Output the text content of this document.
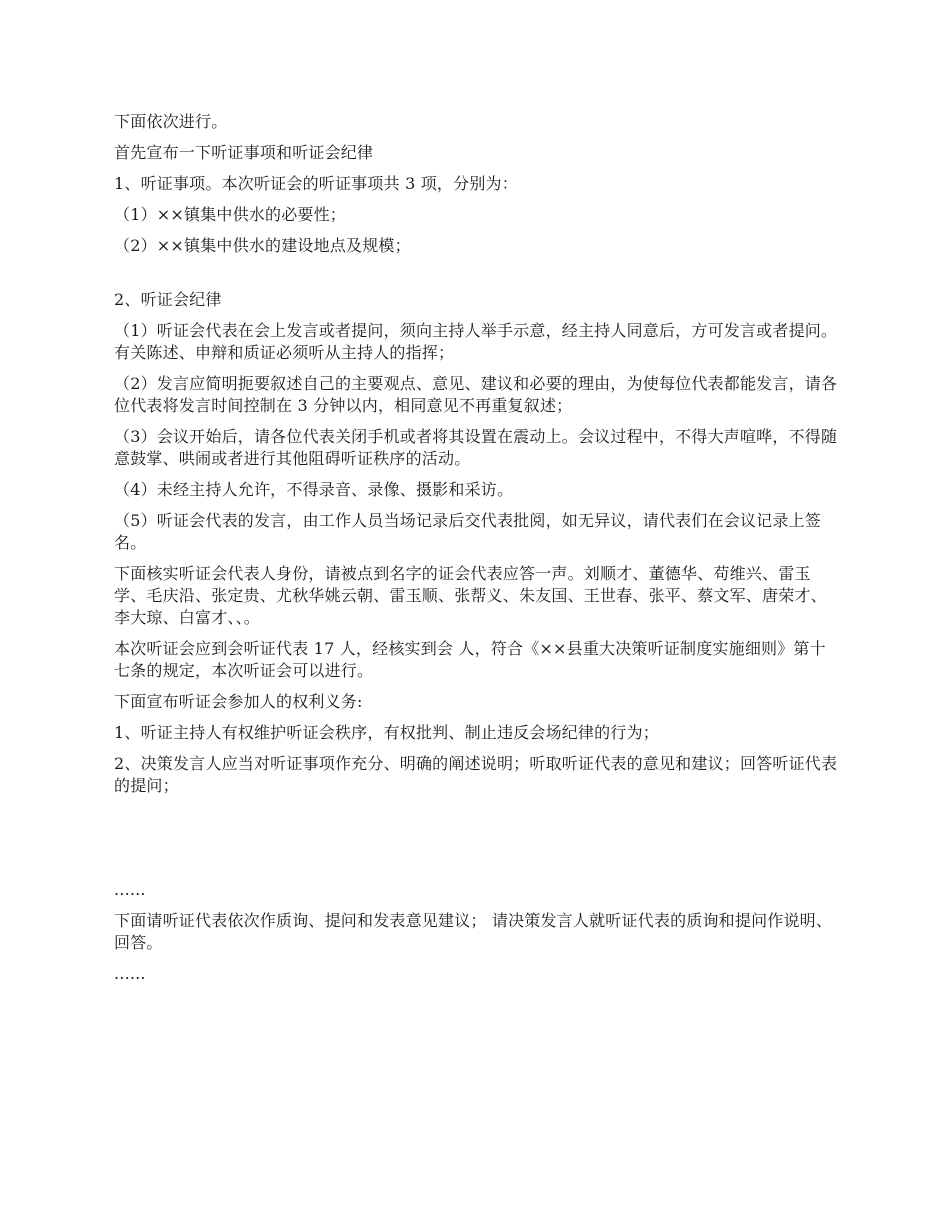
下面依次进行。

首先宣布一下听证事项和听证会纪律

1、听证事项。本次听证会的听证事项共 3 项，分别为：

（1）××镇集中供水的必要性；

（2）××镇集中供水的建设地点及规模；

2、听证会纪律

（1）听证会代表在会上发言或者提问，须向主持人举手示意，经主持人同意后，方可发言或者提问。有关陈述、申辩和质证必须听从主持人的指挥；

（2）发言应简明扼要叙述自己的主要观点、意见、建议和必要的理由，为使每位代表都能发言，请各位代表将发言时间控制在 3 分钟以内，相同意见不再重复叙述；

（3）会议开始后，请各位代表关闭手机或者将其设置在震动上。会议过程中，不得大声喧哗，不得随意鼓掌、哄闹或者进行其他阻碍听证秩序的活动。

（4）未经主持人允许，不得录音、录像、摄影和采访。

（5）听证会代表的发言，由工作人员当场记录后交代表批阅，如无异议，请代表们在会议记录上签名。

下面核实听证会代表人身份，请被点到名字的证会代表应答一声。刘顺才、董德华、苟维兴、雷玉学、毛庆沿、张定贵、尤秋华姚云朝、雷玉顺、张帮义、朱友国、王世春、张平、蔡文军、唐荣才、李大琼、白富才、、。

本次听证会应到会听证代表 17 人，经核实到会 人，符合《××县重大决策听证制度实施细则》第十七条的规定，本次听证会可以进行。

下面宣布听证会参加人的权利义务:

1、听证主持人有权维护听证会秩序，有权批判、制止违反会场纪律的行为；

2、决策发言人应当对听证事项作充分、明确的阐述说明；听取听证代表的意见和建议；回答听证代表的提问；

......

下面请听证代表依次作质询、提问和发表意见建议； 请决策发言人就听证代表的质询和提问作说明、回答。

......
